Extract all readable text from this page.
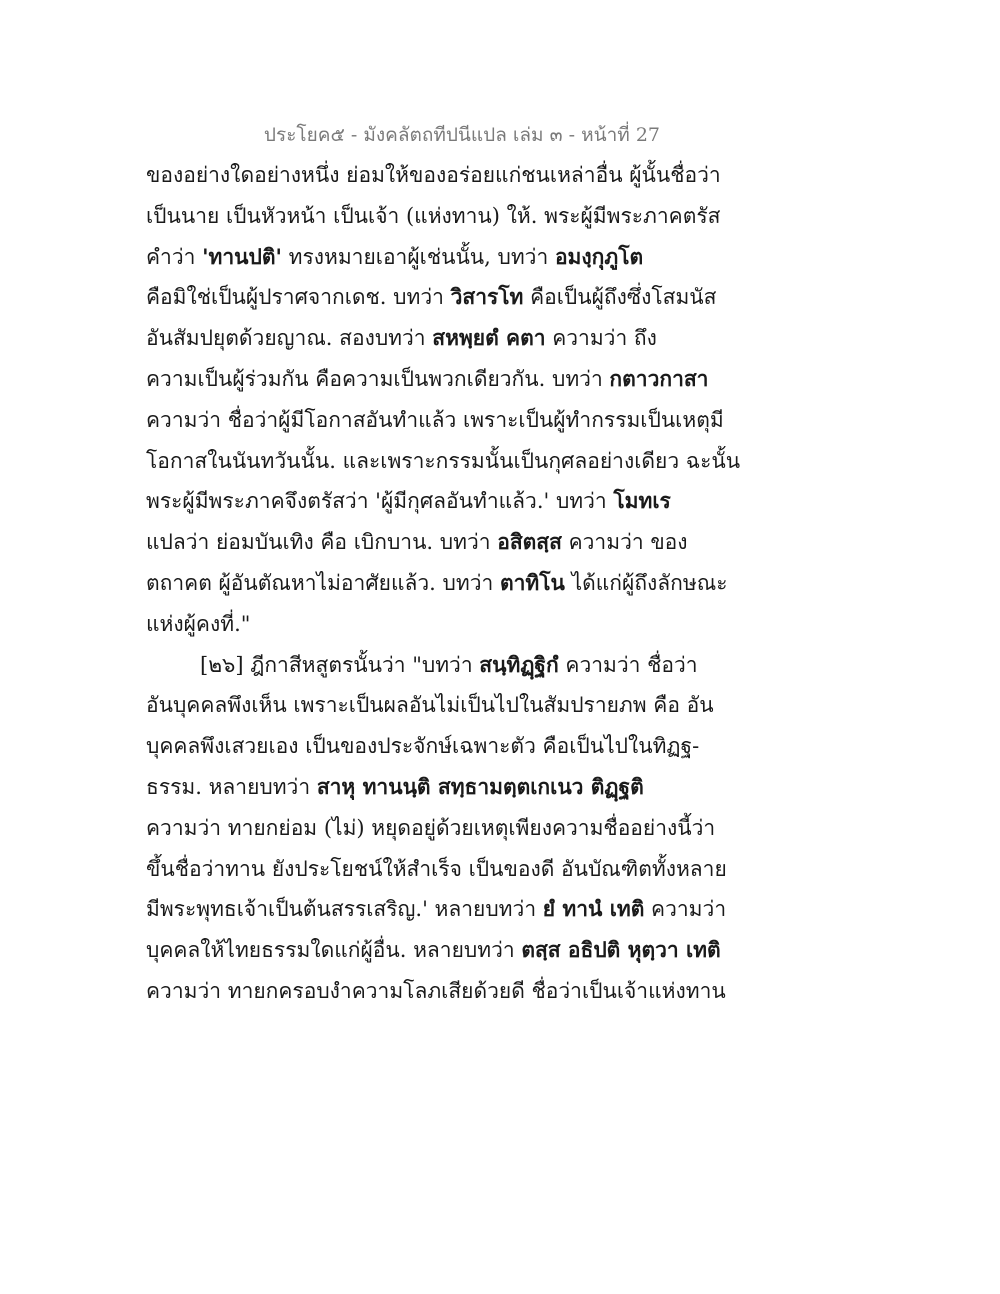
ประโยค๕ - มังคลัตถทีปนีแปล เล่ม ๓ - หน้าที่ 27
ของอย่างใดอย่างหนึ่ง ย่อมให้ของอร่อยแก่ชนเหล่าอื่น ผู้นั้นชื่อว่า
เป็นนาย เป็นหัวหน้า เป็นเจ้า (แห่งทาน) ให้. พระผู้มีพระภาคตรัส
คำว่า 'ทานปติ' ทรงหมายเอาผู้เช่นนั้น, บทว่า อมงฺกุภูโต
คือมิใช่เป็นผู้ปราศจากเดช. บทว่า วิสารโท คือเป็นผู้ถึงซึ่งโสมนัส
อันสัมปยุตด้วยญาณ. สองบทว่า สหพฺยตํ คตา ความว่า ถึง
ความเป็นผู้ร่วมกัน คือความเป็นพวกเดียวกัน. บทว่า กตาวกาสา
ความว่า ชื่อว่าผู้มีโอกาสอันทำแล้ว เพราะเป็นผู้ทำกรรมเป็นเหตุมี
โอกาสในนันทวันนั้น. และเพราะกรรมนั้นเป็นกุศลอย่างเดียว ฉะนั้น
พระผู้มีพระภาคจึงตรัสว่า 'ผู้มีกุศลอันทำแล้ว.' บทว่า โมทเร
แปลว่า ย่อมบันเทิง คือ เบิกบาน. บทว่า อสิตสฺส ความว่า ของ
ตถาคต ผู้อันตัณหาไม่อาศัยแล้ว. บทว่า ตาทิโน ได้แก่ผู้ถึงลักษณะ
แห่งผู้คงที่."
[๒๖] ฎีกาสีหสูตรนั้นว่า "บทว่า สนฺทิฏฺฐิกํ ความว่า ชื่อว่า
อันบุคคลพึงเห็น เพราะเป็นผลอันไม่เป็นไปในสัมปรายภพ คือ อัน
บุคคลพึงเสวยเอง เป็นของประจักษ์เฉพาะตัว คือเป็นไปในทิฏฐ-
ธรรม. หลายบทว่า สาหุ ทานนฺติ สทฺธามตฺตเกเนว ติฏฺฐติ
ความว่า ทายกย่อม (ไม่) หยุดอยู่ด้วยเหตุเพียงความชื่ออย่างนี้ว่า
ขึ้นชื่อว่าทาน ยังประโยชน์ให้สำเร็จ เป็นของดี อันบัณฑิตทั้งหลาย
มีพระพุทธเจ้าเป็นต้นสรรเสริญ.' หลายบทว่า ยํ ทานํ เทติ ความว่า
บุคคลให้ไทยธรรมใดแก่ผู้อื่น. หลายบทว่า ตสฺส อธิปติ หุตฺวา เทติ
ความว่า ทายกครอบงำความโลภเสียด้วยดี ชื่อว่าเป็นเจ้าแห่งทาน
